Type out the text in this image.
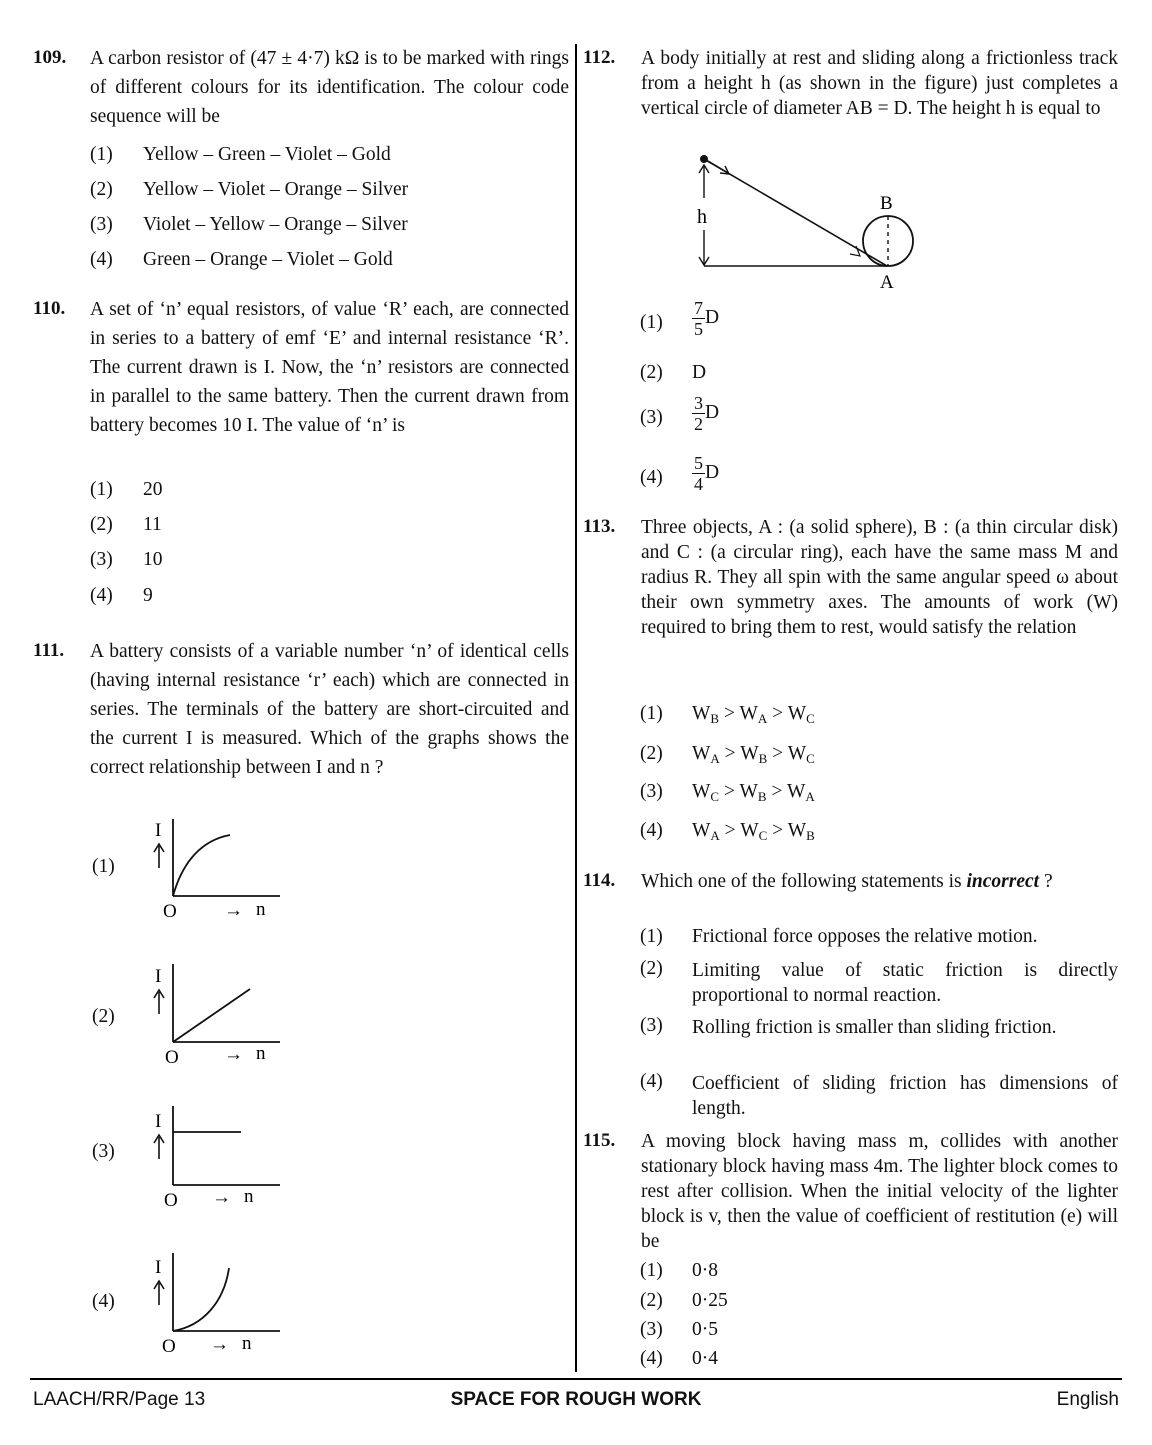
109. A carbon resistor of (47 ± 4·7) kΩ is to be marked with rings of different colours for its identification. The colour code sequence will be
(1) Yellow – Green – Violet – Gold
(2) Yellow – Violet – Orange – Silver
(3) Violet – Yellow – Orange – Silver
(4) Green – Orange – Violet – Gold
110. A set of ‘n’ equal resistors, of value ‘R’ each, are connected in series to a battery of emf ‘E’ and internal resistance ‘R’. The current drawn is I. Now, the ‘n’ resistors are connected in parallel to the same battery. Then the current drawn from battery becomes 10 I. The value of ‘n’ is
(1) 20
(2) 11
(3) 10
(4) 9
111. A battery consists of a variable number ‘n’ of identical cells (having internal resistance ‘r’ each) which are connected in series. The terminals of the battery are short-circuited and the current I is measured. Which of the graphs shows the correct relationship between I and n ?
(1)
I
O → n
(2)
I
O → n
(3)
I
O → n
(4)
I
O → n
112. A body initially at rest and sliding along a frictionless track from a height h (as shown in the figure) just completes a vertical circle of diameter AB = D. The height h is equal to
h
B
A
$(1) \frac{7}{5}$ D
(2) D
$(3) \frac{3}{2}$ D
$(4) \frac{5}{4}$ D
113. Three objects, A : (a solid sphere), B : (a thin circular disk) and C : (a circular ring), each have the same mass M and radius R. They all spin with the same angular speed ω about their own symmetry axes. The amounts of work (W) required to bring them to rest, would satisfy the relation
(1) $W_B > W_A > W_C$
(2) $W_A > W_B > W_C$
(3) $W_C > W_B > W_A$
(4) $W_A > W_C > W_B$
114. Which one of the following statements is incorrect ?
(1) Frictional force opposes the relative motion.
(2) Limiting value of static friction is directly proportional to normal reaction.
(3) Rolling friction is smaller than sliding friction.
(4) Coefficient of sliding friction has dimensions of length.
115. A moving block having mass m, collides with another stationary block having mass 4m. The lighter block comes to rest after collision. When the initial velocity of the lighter block is v, then the value of coefficient of restitution (e) will be
(1) 0·8
(2) 0·25
(3) 0·5
(4) 0·4
LAACH/RR/Page 13	SPACE FOR ROUGH WORK	English
